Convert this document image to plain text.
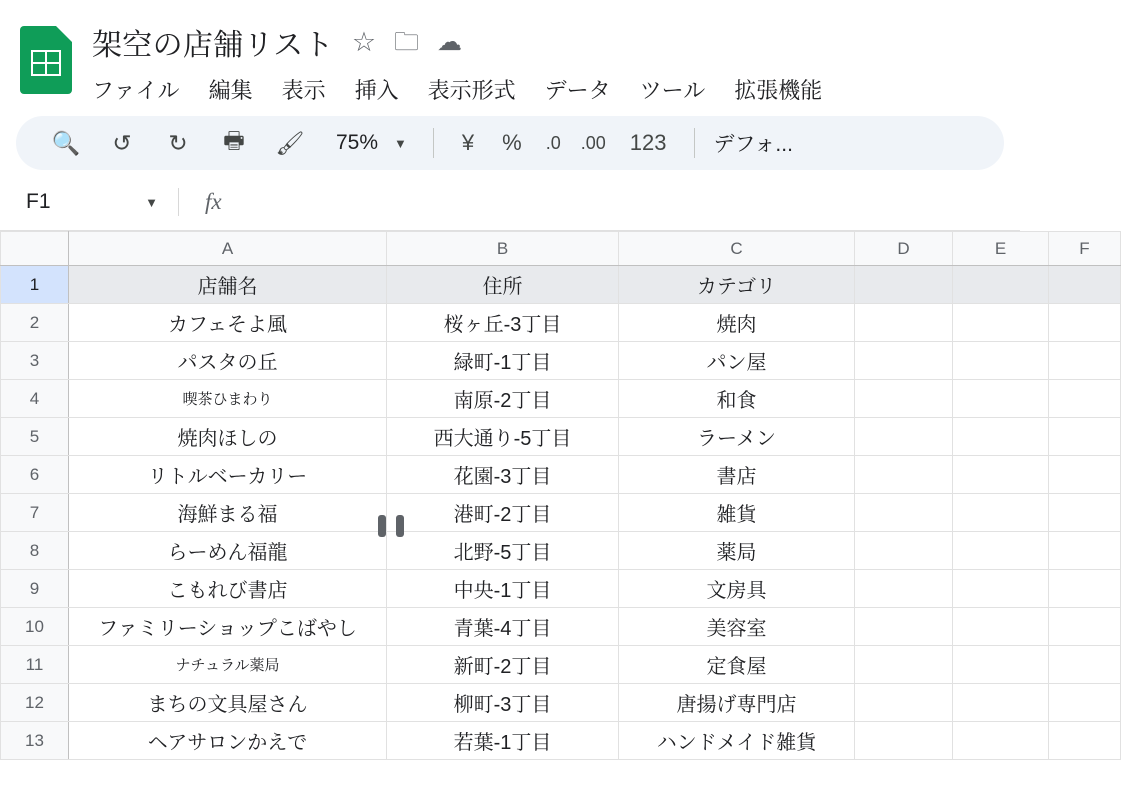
架空の店舗リスト ☆ 🗀 ☁
ファイル 編集 表示 挿入 表示形式 データ ツール 拡張機能
🔍	↺	↻	🖶	🖌	75% ▼	¥	%	.0	.00	123	デフォ...
F1	▼	fx
	A	B	C	D	E	F
1	店舗名	住所	カテゴリ			
2	カフェそよ風	桜ヶ丘-3丁目	焼肉			
3	パスタの丘	緑町-1丁目	パン屋			
4	喫茶ひまわり	南原-2丁目	和食			
5	焼肉ほしの	西大通り-5丁目	ラーメン			
6	リトルベーカリー	花園-3丁目	書店			
7	海鮮まる福	港町-2丁目	雑貨			
8	らーめん福龍	北野-5丁目	薬局			
9	こもれび書店	中央-1丁目	文房具			
10	ファミリーショップこばやし	青葉-4丁目	美容室			
11	ナチュラル薬局	新町-2丁目	定食屋			
12	まちの文具屋さん	柳町-3丁目	唐揚げ専門店			
13	ヘアサロンかえで	若葉-1丁目	ハンドメイド雑貨			
